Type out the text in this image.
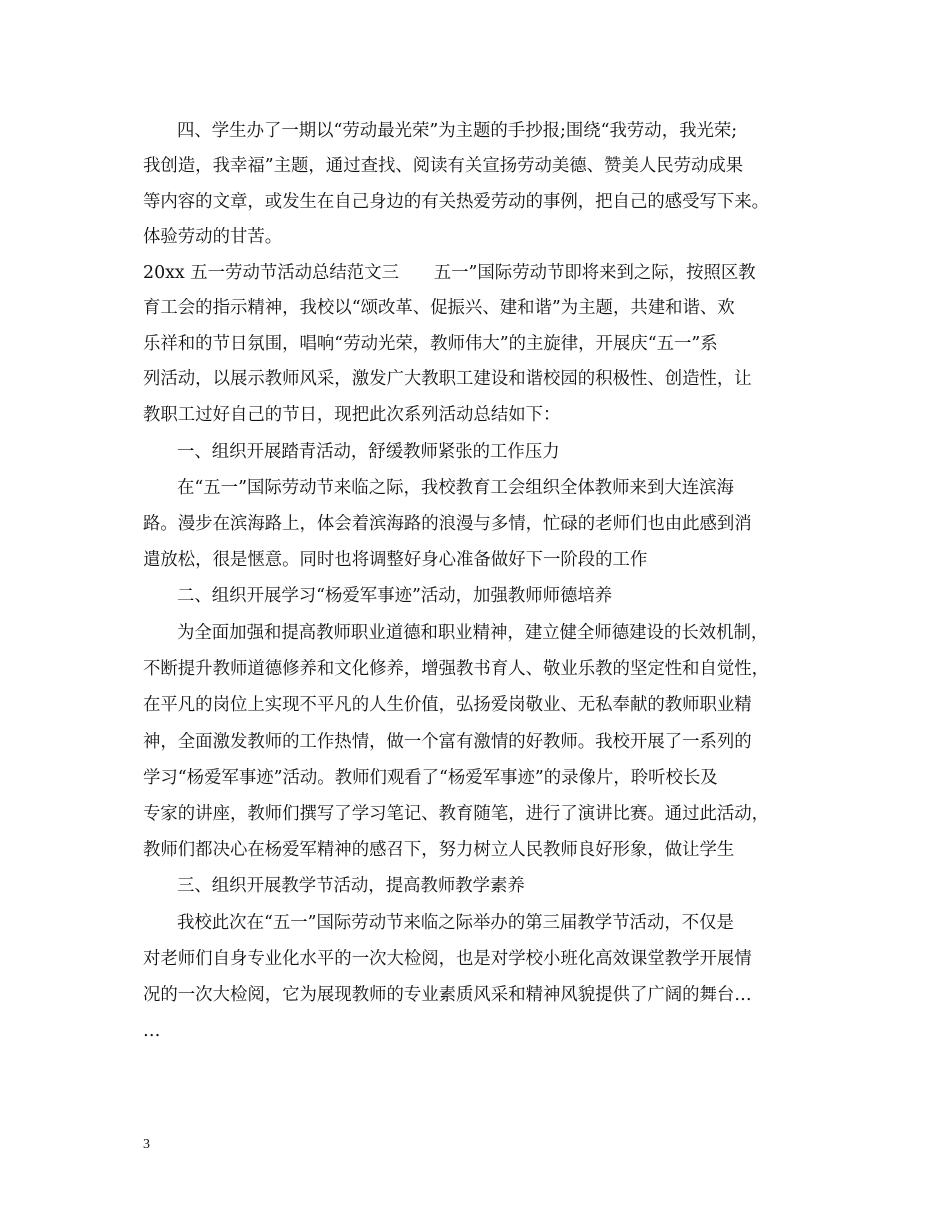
四、学生办了一期以“劳动最光荣”为主题的手抄报;围绕“我劳动，我光荣;
我创造，我幸福”主题，通过查找、阅读有关宣扬劳动美德、赞美人民劳动成果
等内容的文章，或发生在自己身边的有关热爱劳动的事例，把自己的感受写下来。
体验劳动的甘苦。
20xx 五一劳动节活动总结范文三　　五一”国际劳动节即将来到之际，按照区教
育工会的指示精神，我校以“颂改革、促振兴、建和谐”为主题，共建和谐、欢
乐祥和的节日氛围，唱响“劳动光荣，教师伟大”的主旋律，开展庆“五一”系
列活动，以展示教师风采，激发广大教职工建设和谐校园的积极性、创造性，让
教职工过好自己的节日，现把此次系列活动总结如下：
一、组织开展踏青活动，舒缓教师紧张的工作压力
在“五一”国际劳动节来临之际，我校教育工会组织全体教师来到大连滨海
路。漫步在滨海路上，体会着滨海路的浪漫与多情，忙碌的老师们也由此感到消
遣放松，很是惬意。同时也将调整好身心准备做好下一阶段的工作
二、组织开展学习“杨爱军事迹”活动，加强教师师德培养
为全面加强和提高教师职业道德和职业精神，建立健全师德建设的长效机制，
不断提升教师道德修养和文化修养，增强教书育人、敬业乐教的坚定性和自觉性，
在平凡的岗位上实现不平凡的人生价值，弘扬爱岗敬业、无私奉献的教师职业精
神，全面激发教师的工作热情，做一个富有激情的好教师。我校开展了一系列的
学习“杨爱军事迹”活动。教师们观看了“杨爱军事迹”的录像片，聆听校长及
专家的讲座，教师们撰写了学习笔记、教育随笔，进行了演讲比赛。通过此活动，
教师们都决心在杨爱军精神的感召下，努力树立人民教师良好形象，做让学生
三、组织开展教学节活动，提高教师教学素养
我校此次在“五一”国际劳动节来临之际举办的第三届教学节活动，不仅是
对老师们自身专业化水平的一次大检阅，也是对学校小班化高效课堂教学开展情
况的一次大检阅，它为展现教师的专业素质风采和精神风貌提供了广阔的舞台…
…
3
